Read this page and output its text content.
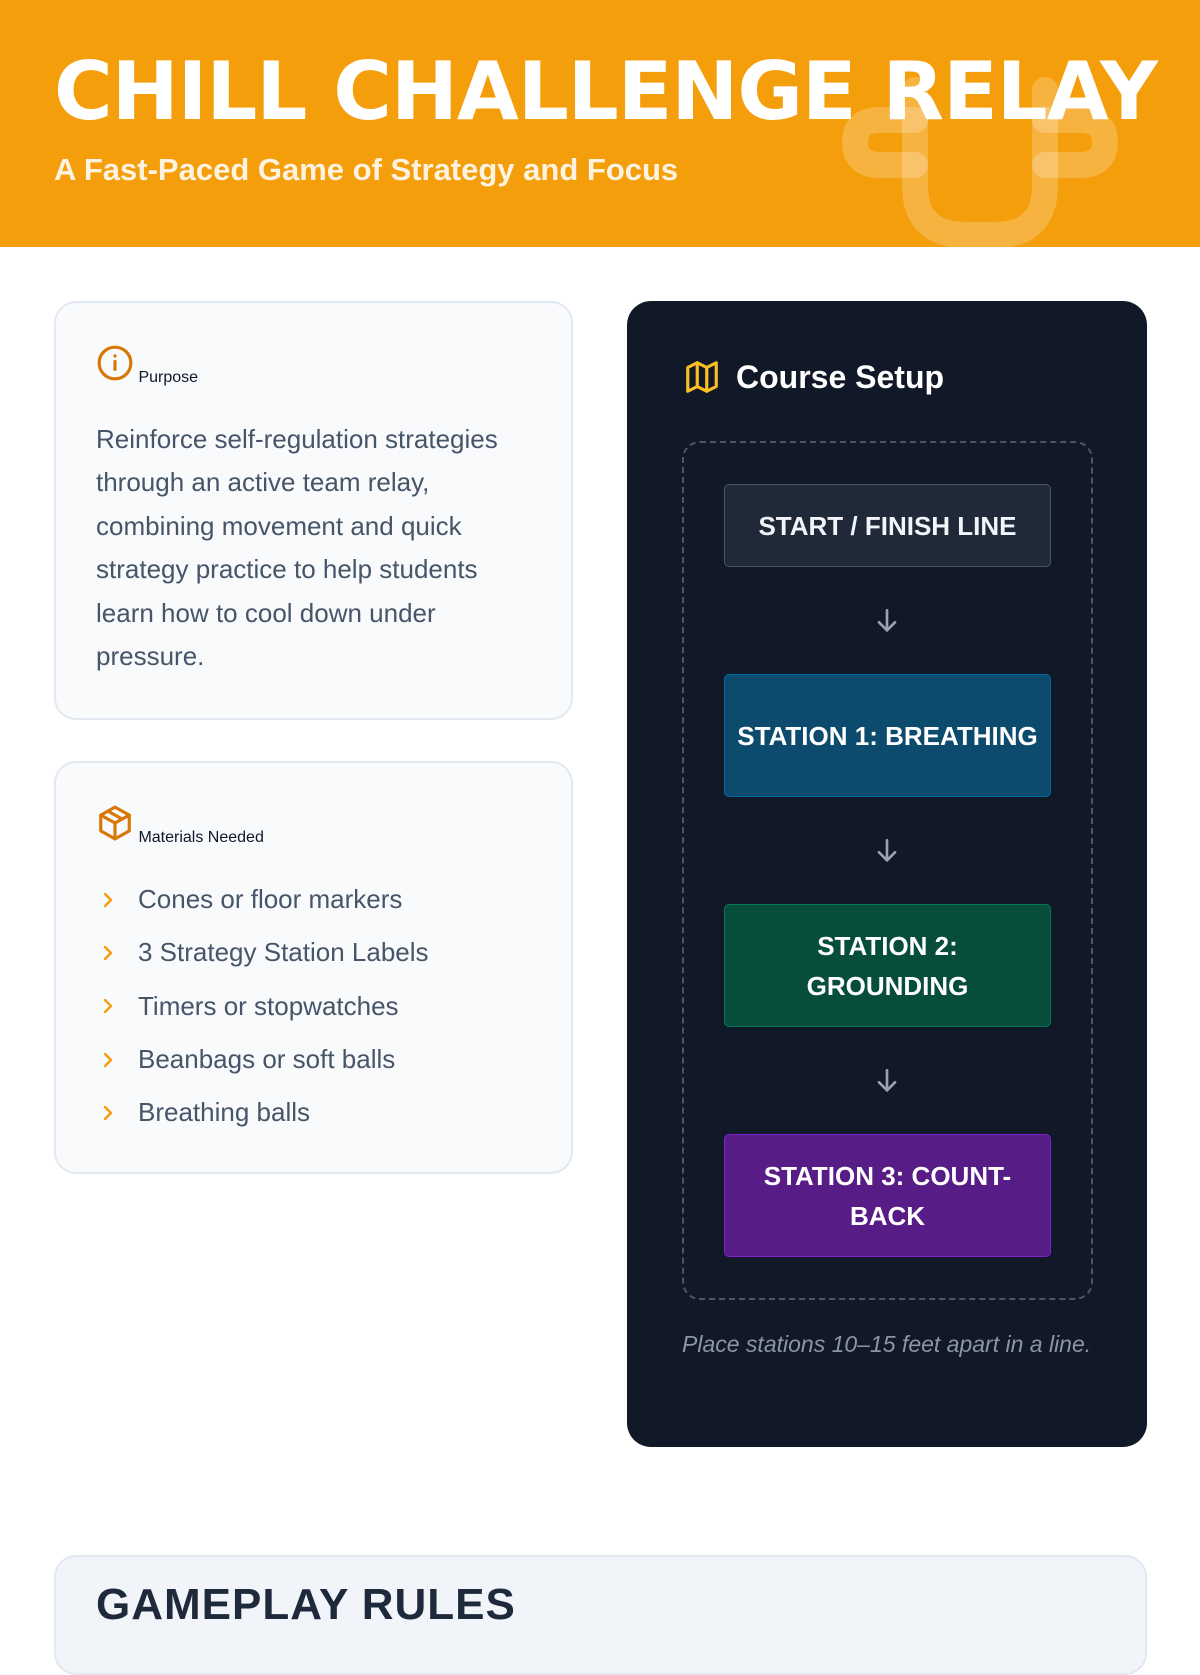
CHILL CHALLENGE RELAY
A Fast-Paced Game of Strategy and Focus
Purpose

Reinforce self-regulation strategies through an active team relay, combining movement and quick strategy practice to help students learn how to cool down under pressure.

Materials Needed
Cones or floor markers
3 Strategy Station Labels
Timers or stopwatches
Beanbags or soft balls
Breathing balls
Course Setup
START / FINISH LINE
STATION 1: BREATHING
STATION 2: GROUNDING
STATION 3: COUNT-BACK

Place stations 10–15 feet apart in a line.

GAMEPLAY RULES
